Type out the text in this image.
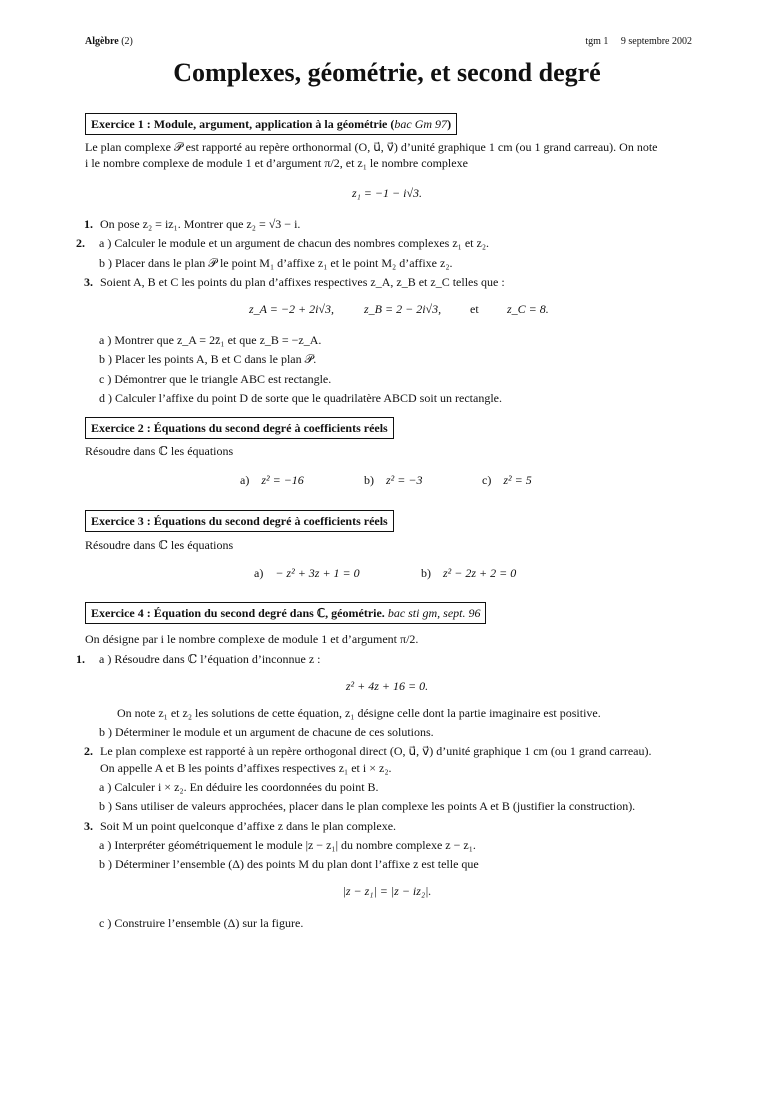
Algèbre (2)	tgm 1 9 septembre 2002
Complexes, géométrie, et second degré
Exercice 1 : Module, argument, application à la géométrie (bac Gm 97)
Le plan complexe 𝒫 est rapporté au repère orthonormal (O, u⃗, v⃗) d’unité graphique 1 cm (ou 1 grand carreau). On note
i le nombre complexe de module 1 et d’argument π/2, et z₁ le nombre complexe
z₁ = −1 − i√3.
1. On pose z₂ = iz₁. Montrer que z₂ = √3 − i.
2. a ) Calculer le module et un argument de chacun des nombres complexes z₁ et z₂.
b ) Placer dans le plan 𝒫 le point M₁ d’affixe z₁ et le point M₂ d’affixe z₂.
3. Soient A, B et C les points du plan d’affixes respectives z_A, z_B et z_C telles que :
z_A = −2 + 2i√3,	z_B = 2 − 2i√3, et z_C = 8.
a ) Montrer que z_A = 2z̄₁ et que z_B = −z_A.
b ) Placer les points A, B et C dans le plan 𝒫.
c ) Démontrer que le triangle ABC est rectangle.
d ) Calculer l’affixe du point D de sorte que le quadrilatère ABCD soit un rectangle.
Exercice 2 : Équations du second degré à coefficients réels
Résoudre dans ℂ les équations
a) z² = −16	b) z² = −3	c) z² = 5
Exercice 3 : Équations du second degré à coefficients réels
Résoudre dans ℂ les équations
a) − z² + 3z + 1 = 0	b) z² − 2z + 2 = 0
Exercice 4 : Équation du second degré dans ℂ, géométrie. bac sti gm, sept. 96
On désigne par i le nombre complexe de module 1 et d’argument π/2.
1. a ) Résoudre dans ℂ l’équation d’inconnue z :
z² + 4z + 16 = 0.
On note z₁ et z₂ les solutions de cette équation, z₁ désigne celle dont la partie imaginaire est positive.
b ) Déterminer le module et un argument de chacune de ces solutions.
2. Le plan complexe est rapporté à un repère orthogonal direct (O, u⃗, v⃗) d’unité graphique 1 cm (ou 1 grand carreau).
On appelle A et B les points d’affixes respectives z₁ et i × z₂.
a ) Calculer i × z₂. En déduire les coordonnées du point B.
b ) Sans utiliser de valeurs approchées, placer dans le plan complexe les points A et B (justifier la construction).
3. Soit M un point quelconque d’affixe z dans le plan complexe.
a ) Interpréter géométriquement le module |z − z₁| du nombre complexe z − z₁.
b ) Déterminer l’ensemble (Δ) des points M du plan dont l’affixe z est telle que
|z − z₁| = |z − iz₂|.
c ) Construire l’ensemble (Δ) sur la figure.
